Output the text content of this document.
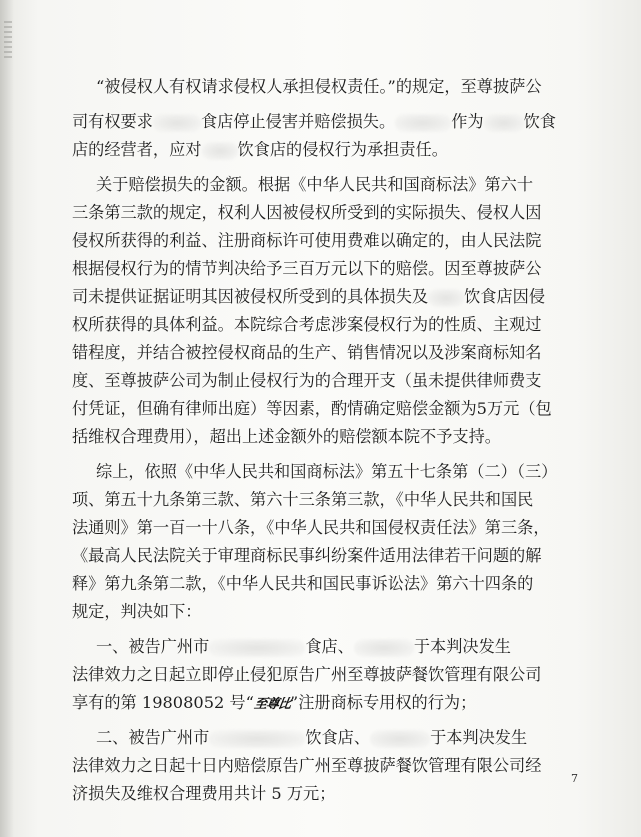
“被侵权人有权请求侵权人承担侵权责任。”的规定，至尊披萨公
司有权要求	食店停止侵害并赔偿损失。	作为 饮食
店的经营者，应对 饮食店的侵权行为承担责任。
关于赔偿损失的金额。根据《中华人民共和国商标法》第六十
三条第三款的规定，权利人因被侵权所受到的实际损失、侵权人因
侵权所获得的利益、注册商标许可使用费难以确定的，由人民法院
根据侵权行为的情节判决给予三百万元以下的赔偿。因至尊披萨公
司未提供证据证明其因被侵权所受到的具体损失及 饮食店因侵
权所获得的具体利益。本院综合考虑涉案侵权行为的性质、主观过
错程度，并结合被控侵权商品的生产、销售情况以及涉案商标知名
度、至尊披萨公司为制止侵权行为的合理开支（虽未提供律师费支
付凭证，但确有律师出庭）等因素，酌情确定赔偿金额为5万元（包
括维权合理费用），超出上述金额外的赔偿额本院不予支持。
综上，依照《中华人民共和国商标法》第五十七条第（二）（三）
项、第五十九条第三款、第六十三条第三款，《中华人民共和国民
法通则》第一百一十八条，《中华人民共和国侵权责任法》第三条，
《最高人民法院关于审理商标民事纠纷案件适用法律若干问题的解
释》第九条第二款，《中华人民共和国民事诉讼法》第六十四条的
规定，判决如下：
一、被告广州市	食店、	于本判决发生
法律效力之日起立即停止侵犯原告广州至尊披萨餐饮管理有限公司
享有的第 19808052 号“至尊比”注册商标专用权的行为；
二、被告广州市	饮食店、	于本判决发生
法律效力之日起十日内赔偿原告广州至尊披萨餐饮管理有限公司经
济损失及维权合理费用共计 5 万元；
7
